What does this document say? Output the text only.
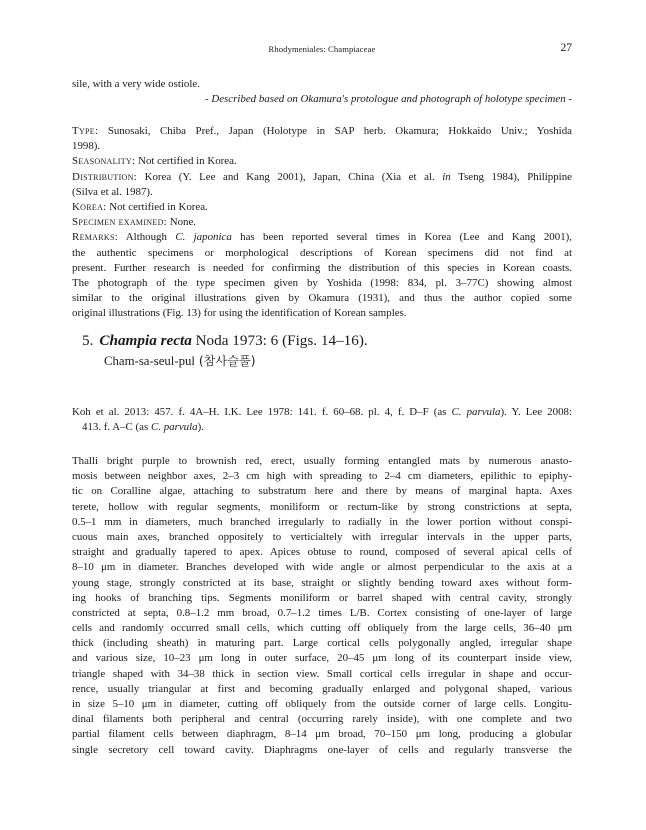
Rhodymeniales: Champiaceae	27
sile, with a very wide ostiole.
- Described based on Okamura's protologue and photograph of holotype specimen -
Type: Sunosaki, Chiba Pref., Japan (Holotype in SAP herb. Okamura; Hokkaido Univ.; Yoshida
1998).
Seasonality: Not certified in Korea.
Distribution: Korea (Y. Lee and Kang 2001), Japan, China (Xia et al. in Tseng 1984), Philippine
(Silva et al. 1987).
Korea: Not certified in Korea.
Specimen examined: None.
Remarks: Although C. japonica has been reported several times in Korea (Lee and Kang 2001),
the authentic specimens or morphological descriptions of Korean specimens did not find at
present. Further research is needed for confirming the distribution of this species in Korean coasts.
The photograph of the type specimen given by Yoshida (1998: 834, pl. 3–77C) showing almost
similar to the original illustrations given by Okamura (1931), and thus the author copied some
original illustrations (Fig. 13) for using the identification of Korean samples.
5. Champia recta Noda 1973: 6 (Figs. 14–16).
Cham-sa-seul-pul (참사슬풀)
Koh et al. 2013: 457. f. 4A–H. I.K. Lee 1978: 141. f. 60–68. pl. 4, f. D–F (as C. parvula). Y. Lee 2008:
413. f. A–C (as C. parvula).
Thalli bright purple to brownish red, erect, usually forming entangled mats by numerous anasto-
mosis between neighbor axes, 2–3 cm high with spreading to 2–4 cm diameters, epilithic to epiphy-
tic on Coralline algae, attaching to substratum here and there by means of marginal hapta. Axes
terete, hollow with regular segments, moniliform or rectum-like by strong constrictions at septa,
0.5–1 mm in diameters, much branched irregularly to radially in the lower portion without conspi-
cuous main axes, branched oppositely to verticialtely with irregular intervals in the upper parts,
straight and gradually tapered to apex. Apices obtuse to round, composed of several apical cells of
8–10 μm in diameter. Branches developed with wide angle or almost perpendicular to the axis at a
young stage, strongly constricted at its base, straight or slightly bending toward axes without form-
ing hooks of branching tips. Segments moniliform or barrel shaped with central cavity, strongly
constricted at septa, 0.8–1.2 mm broad, 0.7–1.2 times L/B. Cortex consisting of one-layer of large
cells and randomly occurred small cells, which cutting off obliquely from the large cells, 36–40 μm
thick (including sheath) in maturing part. Large cortical cells polygonally angled, irregular shape
and various size, 10–23 μm long in outer surface, 20–45 μm long of its counterpart inside view,
triangle shaped with 34–38 thick in section view. Small cortical cells irregular in shape and occur-
rence, usually triangular at first and becoming gradually enlarged and polygonal shaped, various
in size 5–10 μm in diameter, cutting off obliquely from the outside corner of large cells. Longitu-
dinal filaments both peripheral and central (occurring rarely inside), with one complete and two
partial filament cells between diaphragm, 8–14 μm broad, 70–150 μm long, producing a globular
single secretory cell toward cavity. Diaphragms one-layer of cells and regularly transverse the
